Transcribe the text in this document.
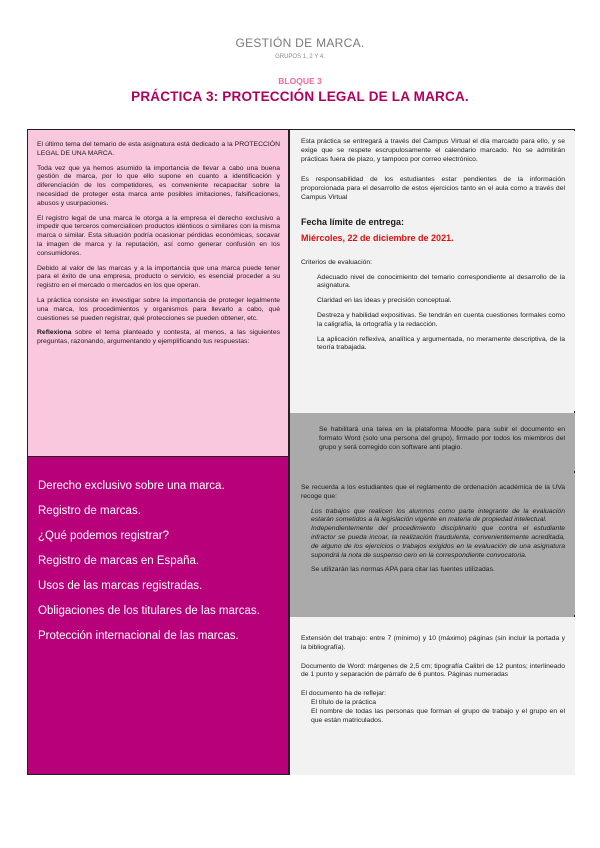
GESTIÓN DE MARCA.
GRUPOS 1, 2 Y 4.
BLOQUE 3
PRÁCTICA 3: PROTECCIÓN LEGAL DE LA MARCA.

El último tema del temario de esta asignatura está dedicado a la PROTECCIÓN LEGAL DE UNA MARCA.

Toda vez que ya hemos asumido la importancia de llevar a cabo una buena gestión de marca, por lo que ello supone en cuanto a identificación y diferenciación de los competidores, es conveniente recapacitar sobre la necesidad de proteger esta marca ante posibles imitaciones, falsificaciones, abusos y usurpaciones.

El registro legal de una marca le otorga a la empresa el derecho exclusivo a impedir que terceros comercialicen productos idénticos o similares con la misma marca o similar. Esta situación podría ocasionar pérdidas económicas, socavar la imagen de marca y la reputación, así como generar confusión en los consumidores.

Debido al valor de las marcas y a la importancia que una marca puede tener para el éxito de una empresa, producto o servicio, es esencial proceder a su registro en el mercado o mercados en los que operan.

La práctica consiste en investigar sobre la importancia de proteger legalmente una marca, los procedimientos y organismos para llevarlo a cabo, qué cuestiones se pueden registrar, qué protecciones se pueden obtener, etc.

Reflexiona sobre el tema planteado y contesta, al menos, a las siguientes preguntas, razonando, argumentando y ejemplificando tus respuestas:

Derecho exclusivo sobre una marca.

Registro de marcas.

¿Qué podemos registrar?

Registro de marcas en España.

Usos de las marcas registradas.

Obligaciones de los titulares de las marcas.

Protección internacional de las marcas.

Esta práctica se entregará a través del Campus Virtual el día marcado para ello, y se exige que se respete escrupulosamente el calendario marcado. No se admitirán prácticas fuera de plazo, y tampoco por correo electrónico.

Es responsabilidad de los estudiantes estar pendientes de la información proporcionada para el desarrollo de estos ejercicios tanto en el aula como a través del Campus Virtual

Fecha límite de entrega:
Miércoles, 22 de diciembre de 2021.

Criterios de evaluación:

Adecuado nivel de conocimiento del temario correspondiente al desarrollo de la asignatura.

Claridad en las ideas y precisión conceptual.

Destreza y habilidad expositivas. Se tendrán en cuenta cuestiones formales como la caligrafía, la ortografía y la redacción.

La aplicación reflexiva, analítica y argumentada, no meramente descriptiva, de la teoría trabajada.

Se habilitará una tarea en la plataforma Moodle para subir el documento en formato Word (solo una persona del grupo), firmado por todos los miembros del grupo y será corregido con software anti plagio.

Se recuerda a los estudiantes que el reglamento de ordenación académica de la UVa recoge que:

Los trabajos que realicen los alumnos como parte integrante de la evaluación estarán sometidos a la legislación vigente en materia de propiedad intelectual.

Independientemente del procedimiento disciplinario que contra el estudiante infractor se pueda incoar, la realización fraudulenta, convenientemente acreditada, de alguno de los ejercicios o trabajos exigidos en la evaluación de una asignatura supondrá la nota de suspenso cero en la correspondiente convocatoria.

Se utilizarán las normas APA para citar las fuentes utilizadas.

Extensión del trabajo: entre 7 (mínimo) y 10 (máximo) páginas (sin incluir la portada y la bibliografía).

Documento de Word: márgenes de 2,5 cm; tipografía Calibri de 12 puntos; interlineado de 1 punto y separación de párrafo de 6 puntos. Páginas numeradas

El documento ha de reflejar:

El título de la práctica

El nombre de todas las personas que forman el grupo de trabajo y el grupo en el que están matriculados.
